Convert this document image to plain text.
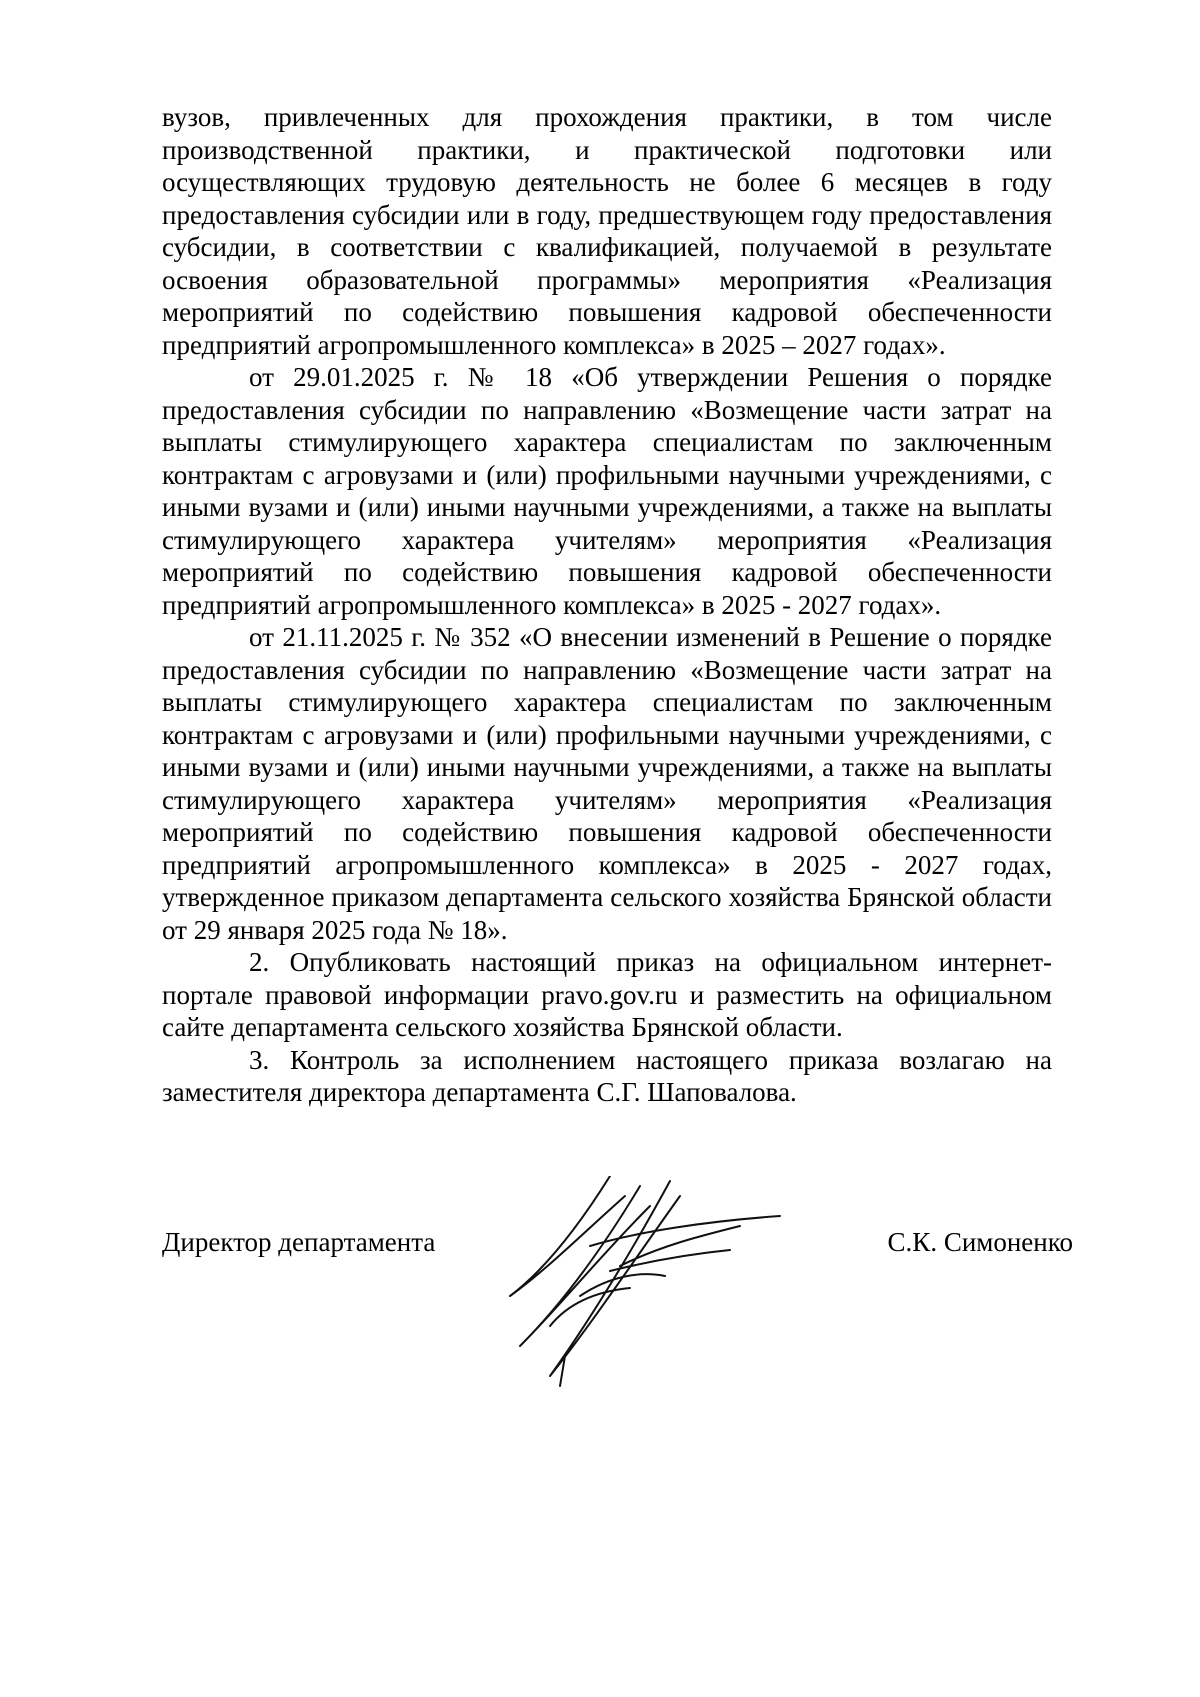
вузов, привлеченных для прохождения практики, в том числе производственной практики, и практической подготовки или осуществляющих трудовую деятельность не более 6 месяцев в году предоставления субсидии или в году, предшествующем году предоставления субсидии, в соответствии с квалификацией, получаемой в результате освоения образовательной программы» мероприятия «Реализация мероприятий по содействию повышения кадровой обеспеченности предприятий агропромышленного комплекса» в 2025 – 2027 годах».

от 29.01.2025 г. № 18 «Об утверждении Решения о порядке предоставления субсидии по направлению «Возмещение части затрат на выплаты стимулирующего характера специалистам по заключенным контрактам с агровузами и (или) профильными научными учреждениями, с иными вузами и (или) иными научными учреждениями, а также на выплаты стимулирующего характера учителям» мероприятия «Реализация мероприятий по содействию повышения кадровой обеспеченности предприятий агропромышленного комплекса» в 2025 - 2027 годах».

от 21.11.2025 г. № 352 «О внесении изменений в Решение о порядке предоставления субсидии по направлению «Возмещение части затрат на выплаты стимулирующего характера специалистам по заключенным контрактам с агровузами и (или) профильными научными учреждениями, с иными вузами и (или) иными научными учреждениями, а также на выплаты стимулирующего характера учителям» мероприятия «Реализация мероприятий по содействию повышения кадровой обеспеченности предприятий агропромышленного комплекса» в 2025 - 2027 годах, утвержденное приказом департамента сельского хозяйства Брянской области от 29 января 2025 года № 18».

2. Опубликовать настоящий приказ на официальном интернет-портале правовой информации pravo.gov.ru и разместить на официальном сайте департамента сельского хозяйства Брянской области.

3. Контроль за исполнением настоящего приказа возлагаю на заместителя директора департамента С.Г. Шаповалова.

Директор департамента	С.К. Симоненко
